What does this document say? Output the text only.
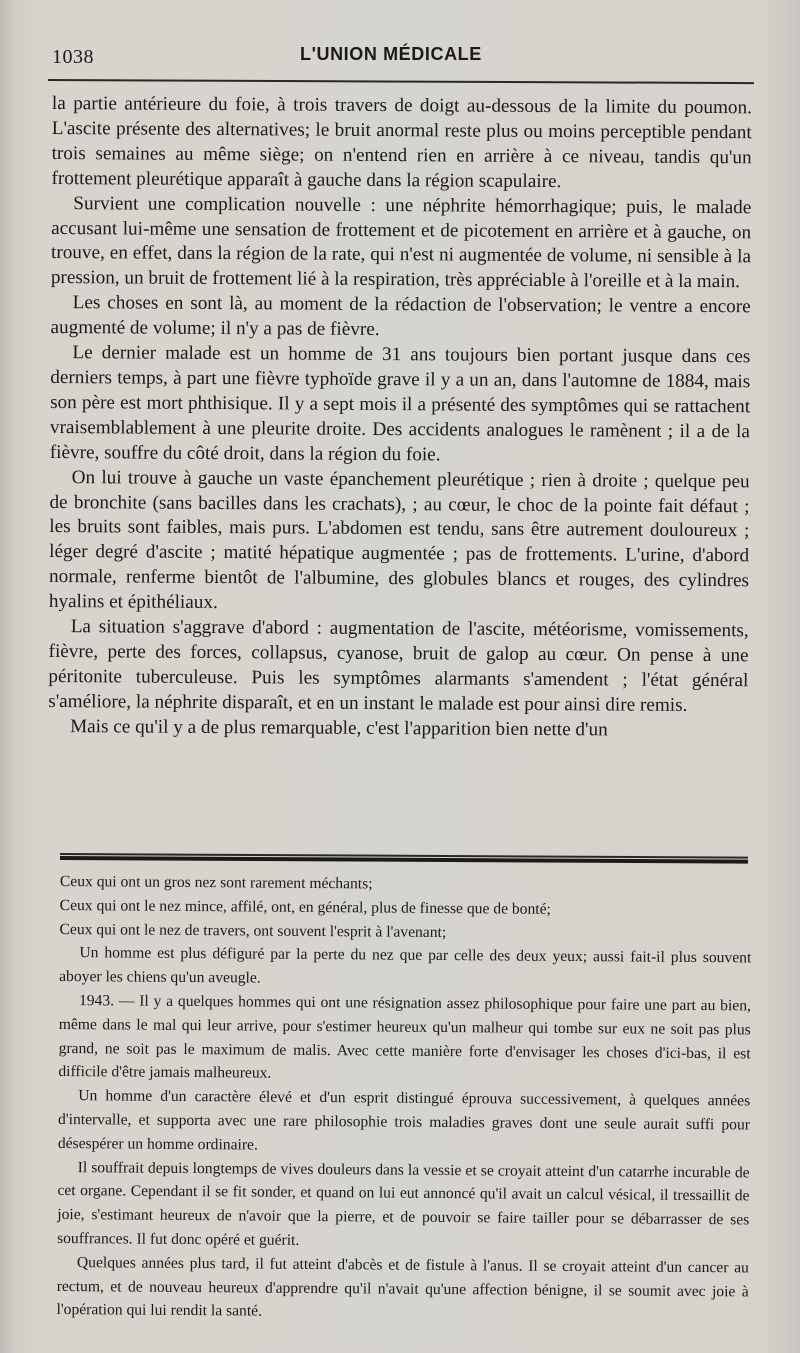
1038	L'UNION MÉDICALE

la partie antérieure du foie, à trois travers de doigt au-dessous de la limite du poumon. L'ascite présente des alternatives; le bruit anormal reste plus ou moins perceptible pendant trois semaines au même siège; on n'entend rien en arrière à ce niveau, tandis qu'un frottement pleurétique apparaît à gauche dans la région scapulaire.

Survient une complication nouvelle : une néphrite hémorrhagique; puis, le malade accusant lui-même une sensation de frottement et de picotement en arrière et à gauche, on trouve, en effet, dans la région de la rate, qui n'est ni augmentée de volume, ni sensible à la pression, un bruit de frottement lié à la respiration, très appréciable à l'oreille et à la main.

Les choses en sont là, au moment de la rédaction de l'observation; le ventre a encore augmenté de volume; il n'y a pas de fièvre.

Le dernier malade est un homme de 31 ans toujours bien portant jusque dans ces derniers temps, à part une fièvre typhoïde grave il y a un an, dans l'automne de 1884, mais son père est mort phthisique. Il y a sept mois il a présenté des symptômes qui se rattachent vraisemblablement à une pleurite droite. Des accidents analogues le ramènent ; il a de la fièvre, souffre du côté droit, dans la région du foie.

On lui trouve à gauche un vaste épanchement pleurétique ; rien à droite ; quelque peu de bronchite (sans bacilles dans les crachats), ; au cœur, le choc de la pointe fait défaut ; les bruits sont faibles, mais purs. L'abdomen est tendu, sans être autrement douloureux ; léger degré d'ascite ; matité hépatique augmentée ; pas de frottements. L'urine, d'abord normale, renferme bientôt de l'albumine, des globules blancs et rouges, des cylindres hyalins et épithéliaux.

La situation s'aggrave d'abord : augmentation de l'ascite, météorisme, vomissements, fièvre, perte des forces, collapsus, cyanose, bruit de galop au cœur. On pense à une péritonite tuberculeuse. Puis les symptômes alarmants s'amendent ; l'état général s'améliore, la néphrite disparaît, et en un instant le malade est pour ainsi dire remis.

Mais ce qu'il y a de plus remarquable, c'est l'apparition bien nette d'un

Ceux qui ont un gros nez sont rarement méchants;

Ceux qui ont le nez mince, affilé, ont, en général, plus de finesse que de bonté;

Ceux qui ont le nez de travers, ont souvent l'esprit à l'avenant;

Un homme est plus défiguré par la perte du nez que par celle des deux yeux; aussi fait-il plus souvent aboyer les chiens qu'un aveugle.

1943. — Il y a quelques hommes qui ont une résignation assez philosophique pour faire une part au bien, même dans le mal qui leur arrive, pour s'estimer heureux qu'un malheur qui tombe sur eux ne soit pas plus grand, ne soit pas le maximum de malis. Avec cette manière forte d'envisager les choses d'ici-bas, il est difficile d'être jamais malheureux.

Un homme d'un caractère élevé et d'un esprit distingué éprouva successivement, à quelques années d'intervalle, et supporta avec une rare philosophie trois maladies graves dont une seule aurait suffi pour désespérer un homme ordinaire.

Il souffrait depuis longtemps de vives douleurs dans la vessie et se croyait atteint d'un catarrhe incurable de cet organe. Cependant il se fit sonder, et quand on lui eut annoncé qu'il avait un calcul vésical, il tressaillit de joie, s'estimant heureux de n'avoir que la pierre, et de pouvoir se faire tailler pour se débarrasser de ses souffrances. Il fut donc opéré et guérit.

Quelques années plus tard, il fut atteint d'abcès et de fistule à l'anus. Il se croyait atteint d'un cancer au rectum, et de nouveau heureux d'apprendre qu'il n'avait qu'une affection bénigne, il se soumit avec joie à l'opération qui lui rendit la santé.
